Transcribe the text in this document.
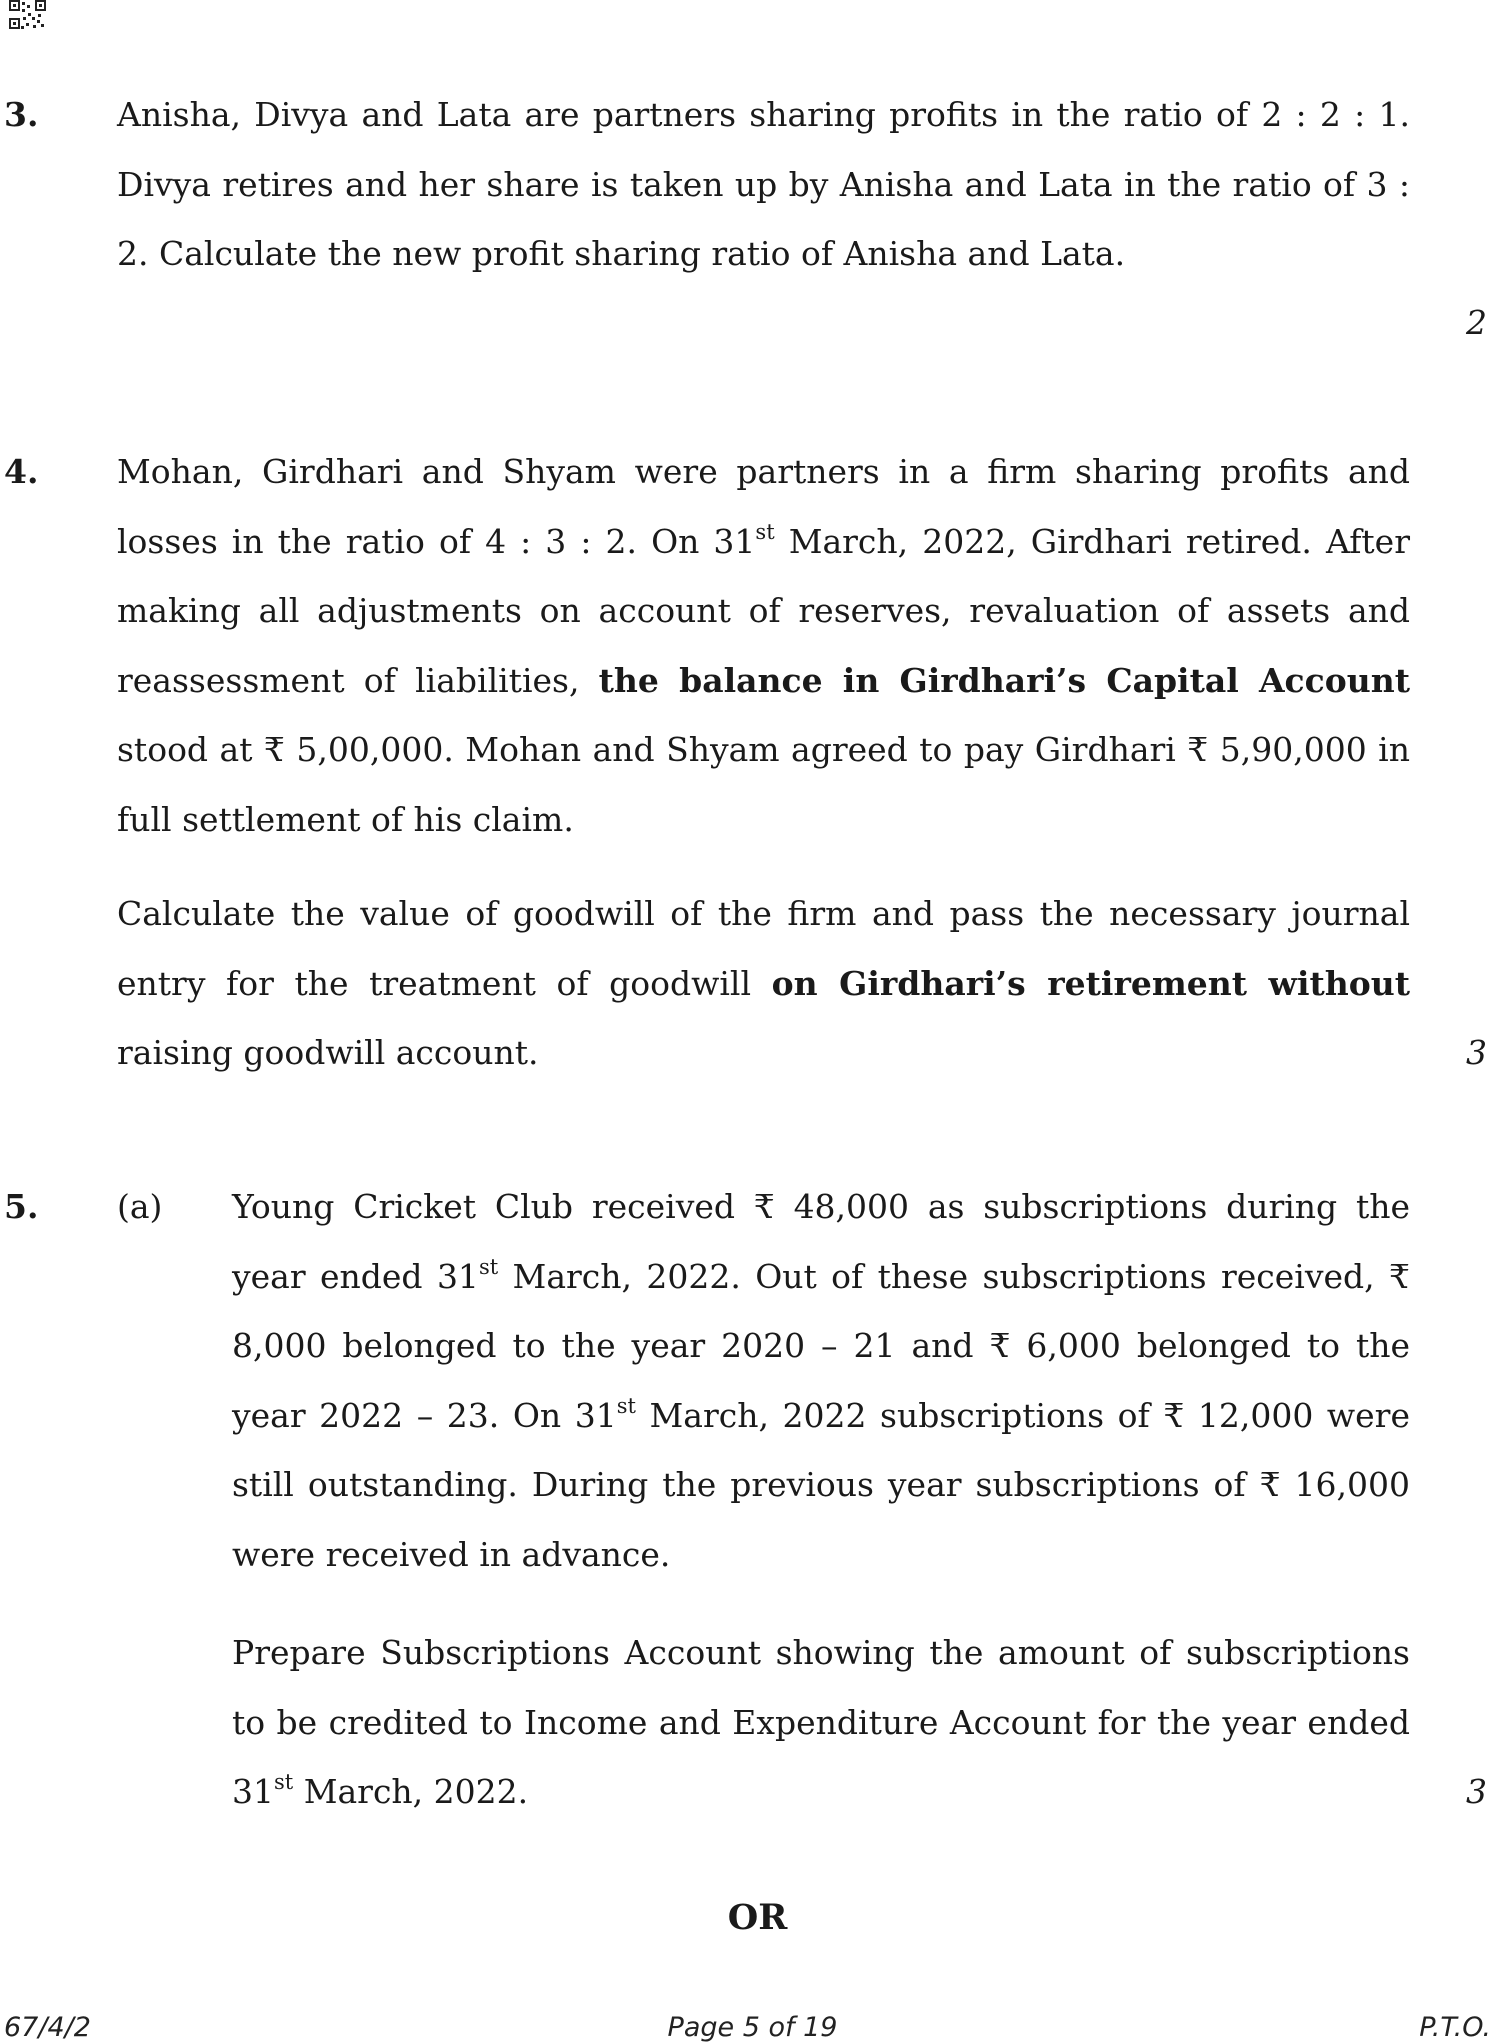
3. Anisha, Divya and Lata are partners sharing profits in the ratio of 2 : 2 : 1. Divya retires and her share is taken up by Anisha and Lata in the ratio of 3 : 2. Calculate the new profit sharing ratio of Anisha and Lata.
2
4. Mohan, Girdhari and Shyam were partners in a firm sharing profits and losses in the ratio of 4 : 3 : 2. On 31st March, 2022, Girdhari retired. After making all adjustments on account of reserves, revaluation of assets and reassessment of liabilities, the balance in Girdhari’s Capital Account stood at ₹ 5,00,000. Mohan and Shyam agreed to pay Girdhari ₹ 5,90,000 in full settlement of his claim.
Calculate the value of goodwill of the firm and pass the necessary journal entry for the treatment of goodwill on Girdhari’s retirement without raising goodwill account.	3
5. (a) Young Cricket Club received ₹ 48,000 as subscriptions during the year ended 31st March, 2022. Out of these subscriptions received, ₹ 8,000 belonged to the year 2020 – 21 and ₹ 6,000 belonged to the year 2022 – 23. On 31st March, 2022 subscriptions of ₹ 12,000 were still outstanding. During the previous year subscriptions of ₹ 16,000 were received in advance.
Prepare Subscriptions Account showing the amount of subscriptions to be credited to Income and Expenditure Account for the year ended 31st March, 2022.	3
OR
67/4/2	Page 5 of 19	P.T.O.
